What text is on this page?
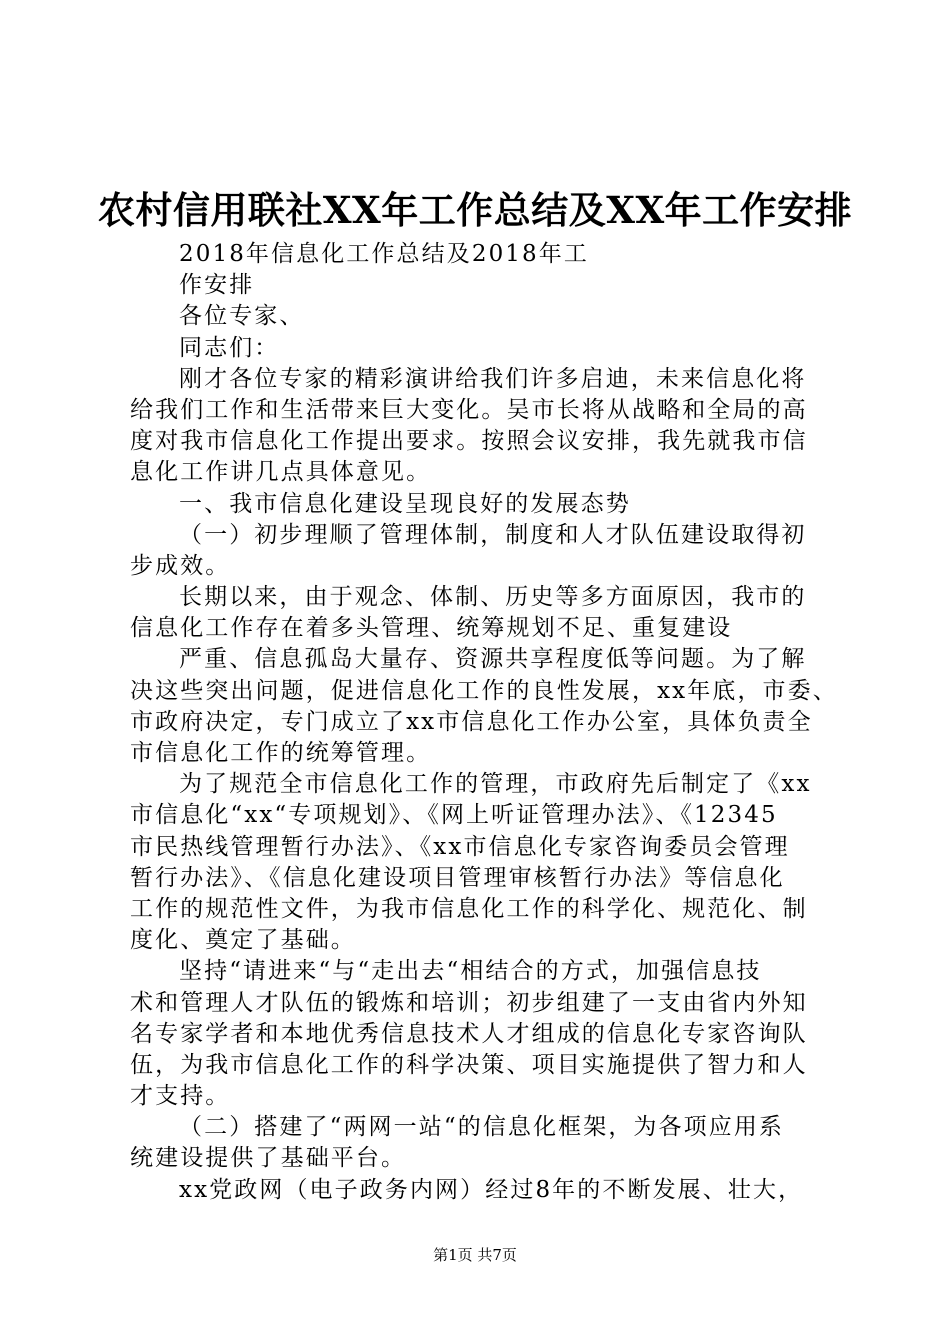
农村信用联社XX年工作总结及XX年工作安排
2018年信息化工作总结及2018年工
作安排
各位专家、
同志们：
刚才各位专家的精彩演讲给我们许多启迪，未来信息化将
给我们工作和生活带来巨大变化。吴市长将从战略和全局的高
度对我市信息化工作提出要求。按照会议安排，我先就我市信
息化工作讲几点具体意见。
一、我市信息化建设呈现良好的发展态势
（一）初步理顺了管理体制，制度和人才队伍建设取得初
步成效。
长期以来，由于观念、体制、历史等多方面原因，我市的
信息化工作存在着多头管理、统筹规划不足、重复建设
严重、信息孤岛大量存、资源共享程度低等问题。为了解
决这些突出问题，促进信息化工作的良性发展，xx年底，市委、
市政府决定，专门成立了xx市信息化工作办公室，具体负责全
市信息化工作的统筹管理。
为了规范全市信息化工作的管理，市政府先后制定了《xx
市信息化“xx“专项规划》、《网上听证管理办法》、《12345
市民热线管理暂行办法》、《xx市信息化专家咨询委员会管理
暂行办法》、《信息化建设项目管理审核暂行办法》等信息化
工作的规范性文件，为我市信息化工作的科学化、规范化、制
度化、奠定了基础。
坚持“请进来“与“走出去“相结合的方式，加强信息技
术和管理人才队伍的锻炼和培训；初步组建了一支由省内外知
名专家学者和本地优秀信息技术人才组成的信息化专家咨询队
伍，为我市信息化工作的科学决策、项目实施提供了智力和人
才支持。
（二）搭建了“两网一站“的信息化框架，为各项应用系
统建设提供了基础平台。
xx党政网（电子政务内网）经过8年的不断发展、壮大，
第1页 共7页
